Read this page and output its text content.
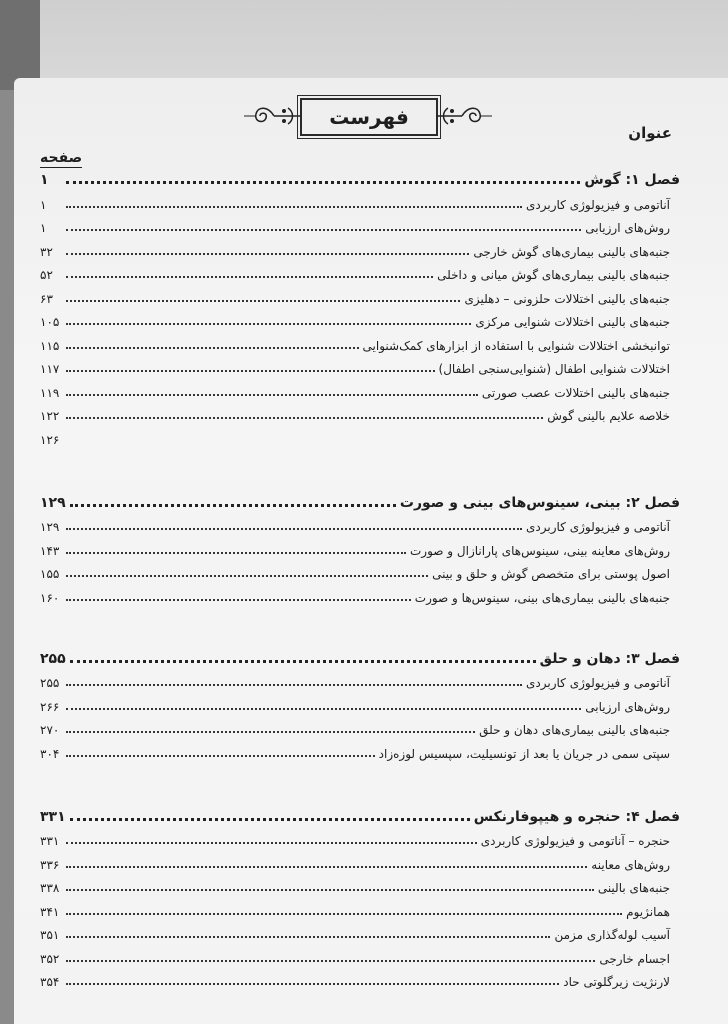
فهرست
عنوان
صفحه
فصل ۱: گوش
۱
آناتومی و فیزیولوژی کاربردی
۱
روش‌های ارزیابی
۱
جنبه‌های بالینی بیماری‌های گوش خارجی
۳۲
جنبه‌های بالینی بیماری‌های گوش میانی و داخلی
۵۲
جنبه‌های بالینی اختلالات حلزونی – دهلیزی
۶۳
جنبه‌های بالینی اختلالات شنوایی مرکزی
۱۰۵
توانبخشی اختلالات شنوایی با استفاده از ابزارهای کمک‌شنوایی
۱۱۵
اختلالات شنوایی اطفال (شنوایی‌سنجی اطفال)
۱۱۷
جنبه‌های بالینی اختلالات عصب صورتی
۱۱۹
خلاصه علایم بالینی گوش
۱۲۲
۱۲۶
فصل ۲: بینی، سینوس‌های بینی و صورت
۱۲۹
آناتومی و فیزیولوژی کاربردی
۱۲۹
روش‌های معاینه بینی، سینوس‌های پارانازال و صورت
۱۴۳
اصول پوستی برای متخصص گوش و حلق و بینی
۱۵۵
جنبه‌های بالینی بیماری‌های بینی، سینوس‌ها و صورت
۱۶۰
فصل ۳: دهان و حلق
۲۵۵
آناتومی و فیزیولوژی کاربردی
۲۵۵
روش‌های ارزیابی
۲۶۶
جنبه‌های بالینی بیماری‌های دهان و حلق
۲۷۰
سپتی سمی در جریان یا بعد از تونسیلیت، سپسیس لوزه‌زاد
۳۰۴
فصل ۴: حنجره و هیپوفارنکس
۳۳۱
حنجره – آناتومی و فیزیولوژی کاربردی
۳۳۱
روش‌های معاینه
۳۳۶
جنبه‌های بالینی
۳۳۸
همانژیوم
۳۴۱
آسیب لوله‌گذاری مزمن
۳۵۱
اجسام خارجی
۳۵۲
لارنژیت زیرگلوتی حاد
۳۵۴
